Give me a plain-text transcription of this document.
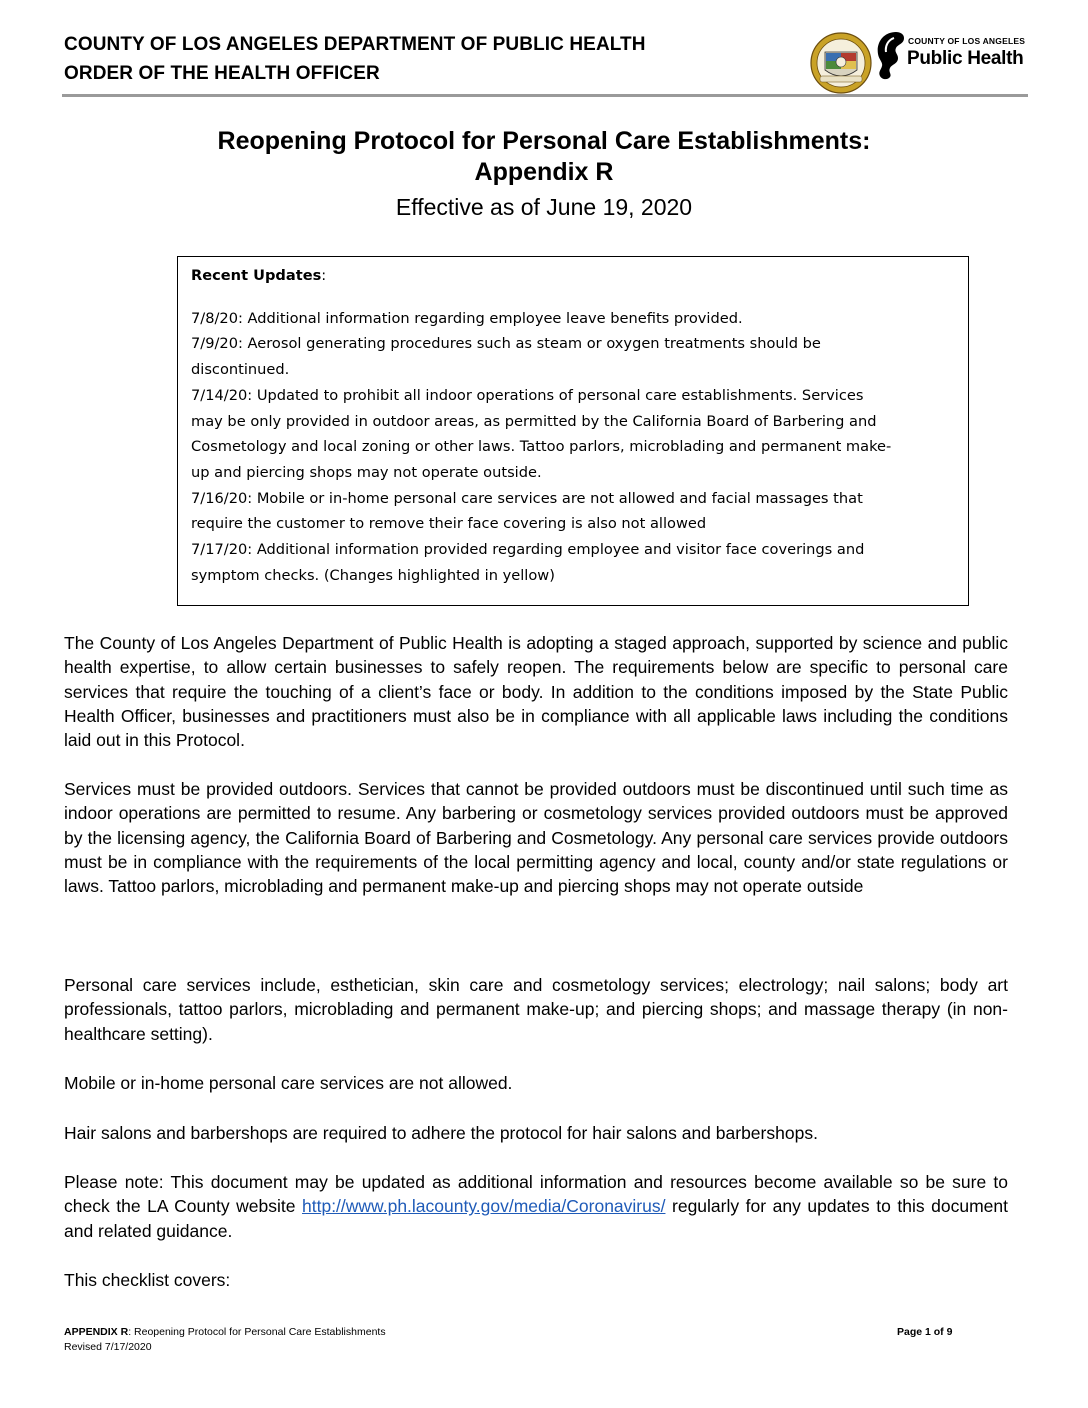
COUNTY OF LOS ANGELES DEPARTMENT OF PUBLIC HEALTH
ORDER OF THE HEALTH OFFICER
COUNTY OF LOS ANGELES
Public Health
Reopening Protocol for Personal Care Establishments:
Appendix R
Effective as of June 19, 2020
Recent Updates:
7/8/20: Additional information regarding employee leave benefits provided.
7/9/20: Aerosol generating procedures such as steam or oxygen treatments should be
discontinued.
7/14/20: Updated to prohibit all indoor operations of personal care establishments. Services
may be only provided in outdoor areas, as permitted by the California Board of Barbering and
Cosmetology and local zoning or other laws. Tattoo parlors, microblading and permanent make-
up and piercing shops may not operate outside.
7/16/20: Mobile or in-home personal care services are not allowed and facial massages that
require the customer to remove their face covering is also not allowed
7/17/20: Additional information provided regarding employee and visitor face coverings and
symptom checks. (Changes highlighted in yellow)
The County of Los Angeles Department of Public Health is adopting a staged approach, supported by science and public health expertise, to allow certain businesses to safely reopen. The requirements below are specific to personal care services that require the touching of a client’s face or body. In addition to the conditions imposed by the State Public Health Officer, businesses and practitioners must also be in compliance with all applicable laws including the conditions laid out in this Protocol.
Services must be provided outdoors. Services that cannot be provided outdoors must be discontinued until such time as indoor operations are permitted to resume. Any barbering or cosmetology services provided outdoors must be approved by the licensing agency, the California Board of Barbering and Cosmetology. Any personal care services provide outdoors must be in compliance with the requirements of the local permitting agency and local, county and/or state regulations or laws. Tattoo parlors, microblading and permanent make-up and piercing shops may not operate outside
Personal care services include, esthetician, skin care and cosmetology services; electrology; nail salons; body art professionals, tattoo parlors, microblading and permanent make-up; and piercing shops; and massage therapy (in non-healthcare setting).
Mobile or in-home personal care services are not allowed.
Hair salons and barbershops are required to adhere the protocol for hair salons and barbershops.
Please note: This document may be updated as additional information and resources become available so be sure to check the LA County website http://www.ph.lacounty.gov/media/Coronavirus/ regularly for any updates to this document and related guidance.
This checklist covers:
APPENDIX R: Reopening Protocol for Personal Care Establishments
Revised 7/17/2020
Page 1 of 9
